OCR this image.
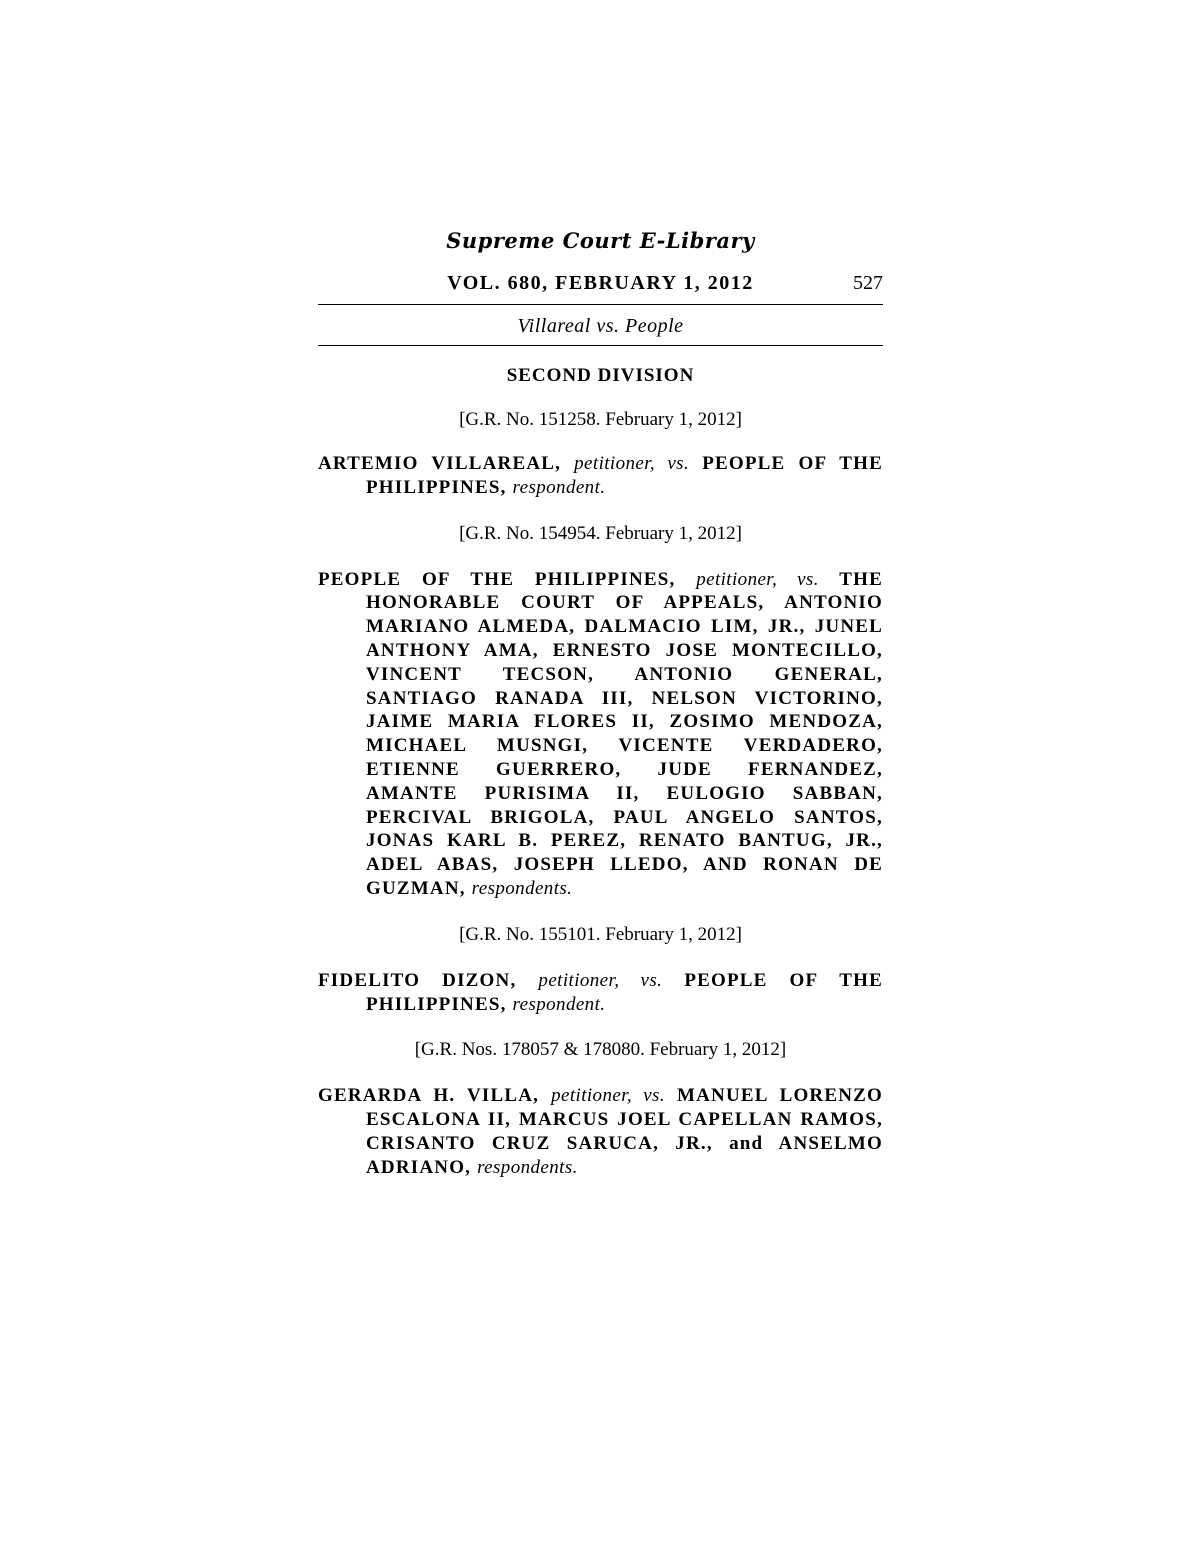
Supreme Court E-Library
VOL. 680, FEBRUARY 1, 2012	527
Villareal vs. People
SECOND DIVISION
[G.R. No. 151258. February 1, 2012]
ARTEMIO VILLAREAL, petitioner, vs. PEOPLE OF THE PHILIPPINES, respondent.
[G.R. No. 154954. February 1, 2012]
PEOPLE OF THE PHILIPPINES, petitioner, vs. THE HONORABLE COURT OF APPEALS, ANTONIO MARIANO ALMEDA, DALMACIO LIM, JR., JUNEL ANTHONY AMA, ERNESTO JOSE MONTECILLO, VINCENT TECSON, ANTONIO GENERAL, SANTIAGO RANADA III, NELSON VICTORINO, JAIME MARIA FLORES II, ZOSIMO MENDOZA, MICHAEL MUSNGI, VICENTE VERDADERO, ETIENNE GUERRERO, JUDE FERNANDEZ, AMANTE PURISIMA II, EULOGIO SABBAN, PERCIVAL BRIGOLA, PAUL ANGELO SANTOS, JONAS KARL B. PEREZ, RENATO BANTUG, JR., ADEL ABAS, JOSEPH LLEDO, AND RONAN DE GUZMAN, respondents.
[G.R. No. 155101. February 1, 2012]
FIDELITO DIZON, petitioner, vs. PEOPLE OF THE PHILIPPINES, respondent.
[G.R. Nos. 178057 & 178080. February 1, 2012]
GERARDA H. VILLA, petitioner, vs. MANUEL LORENZO ESCALONA II, MARCUS JOEL CAPELLAN RAMOS, CRISANTO CRUZ SARUCA, JR., and ANSELMO ADRIANO, respondents.
